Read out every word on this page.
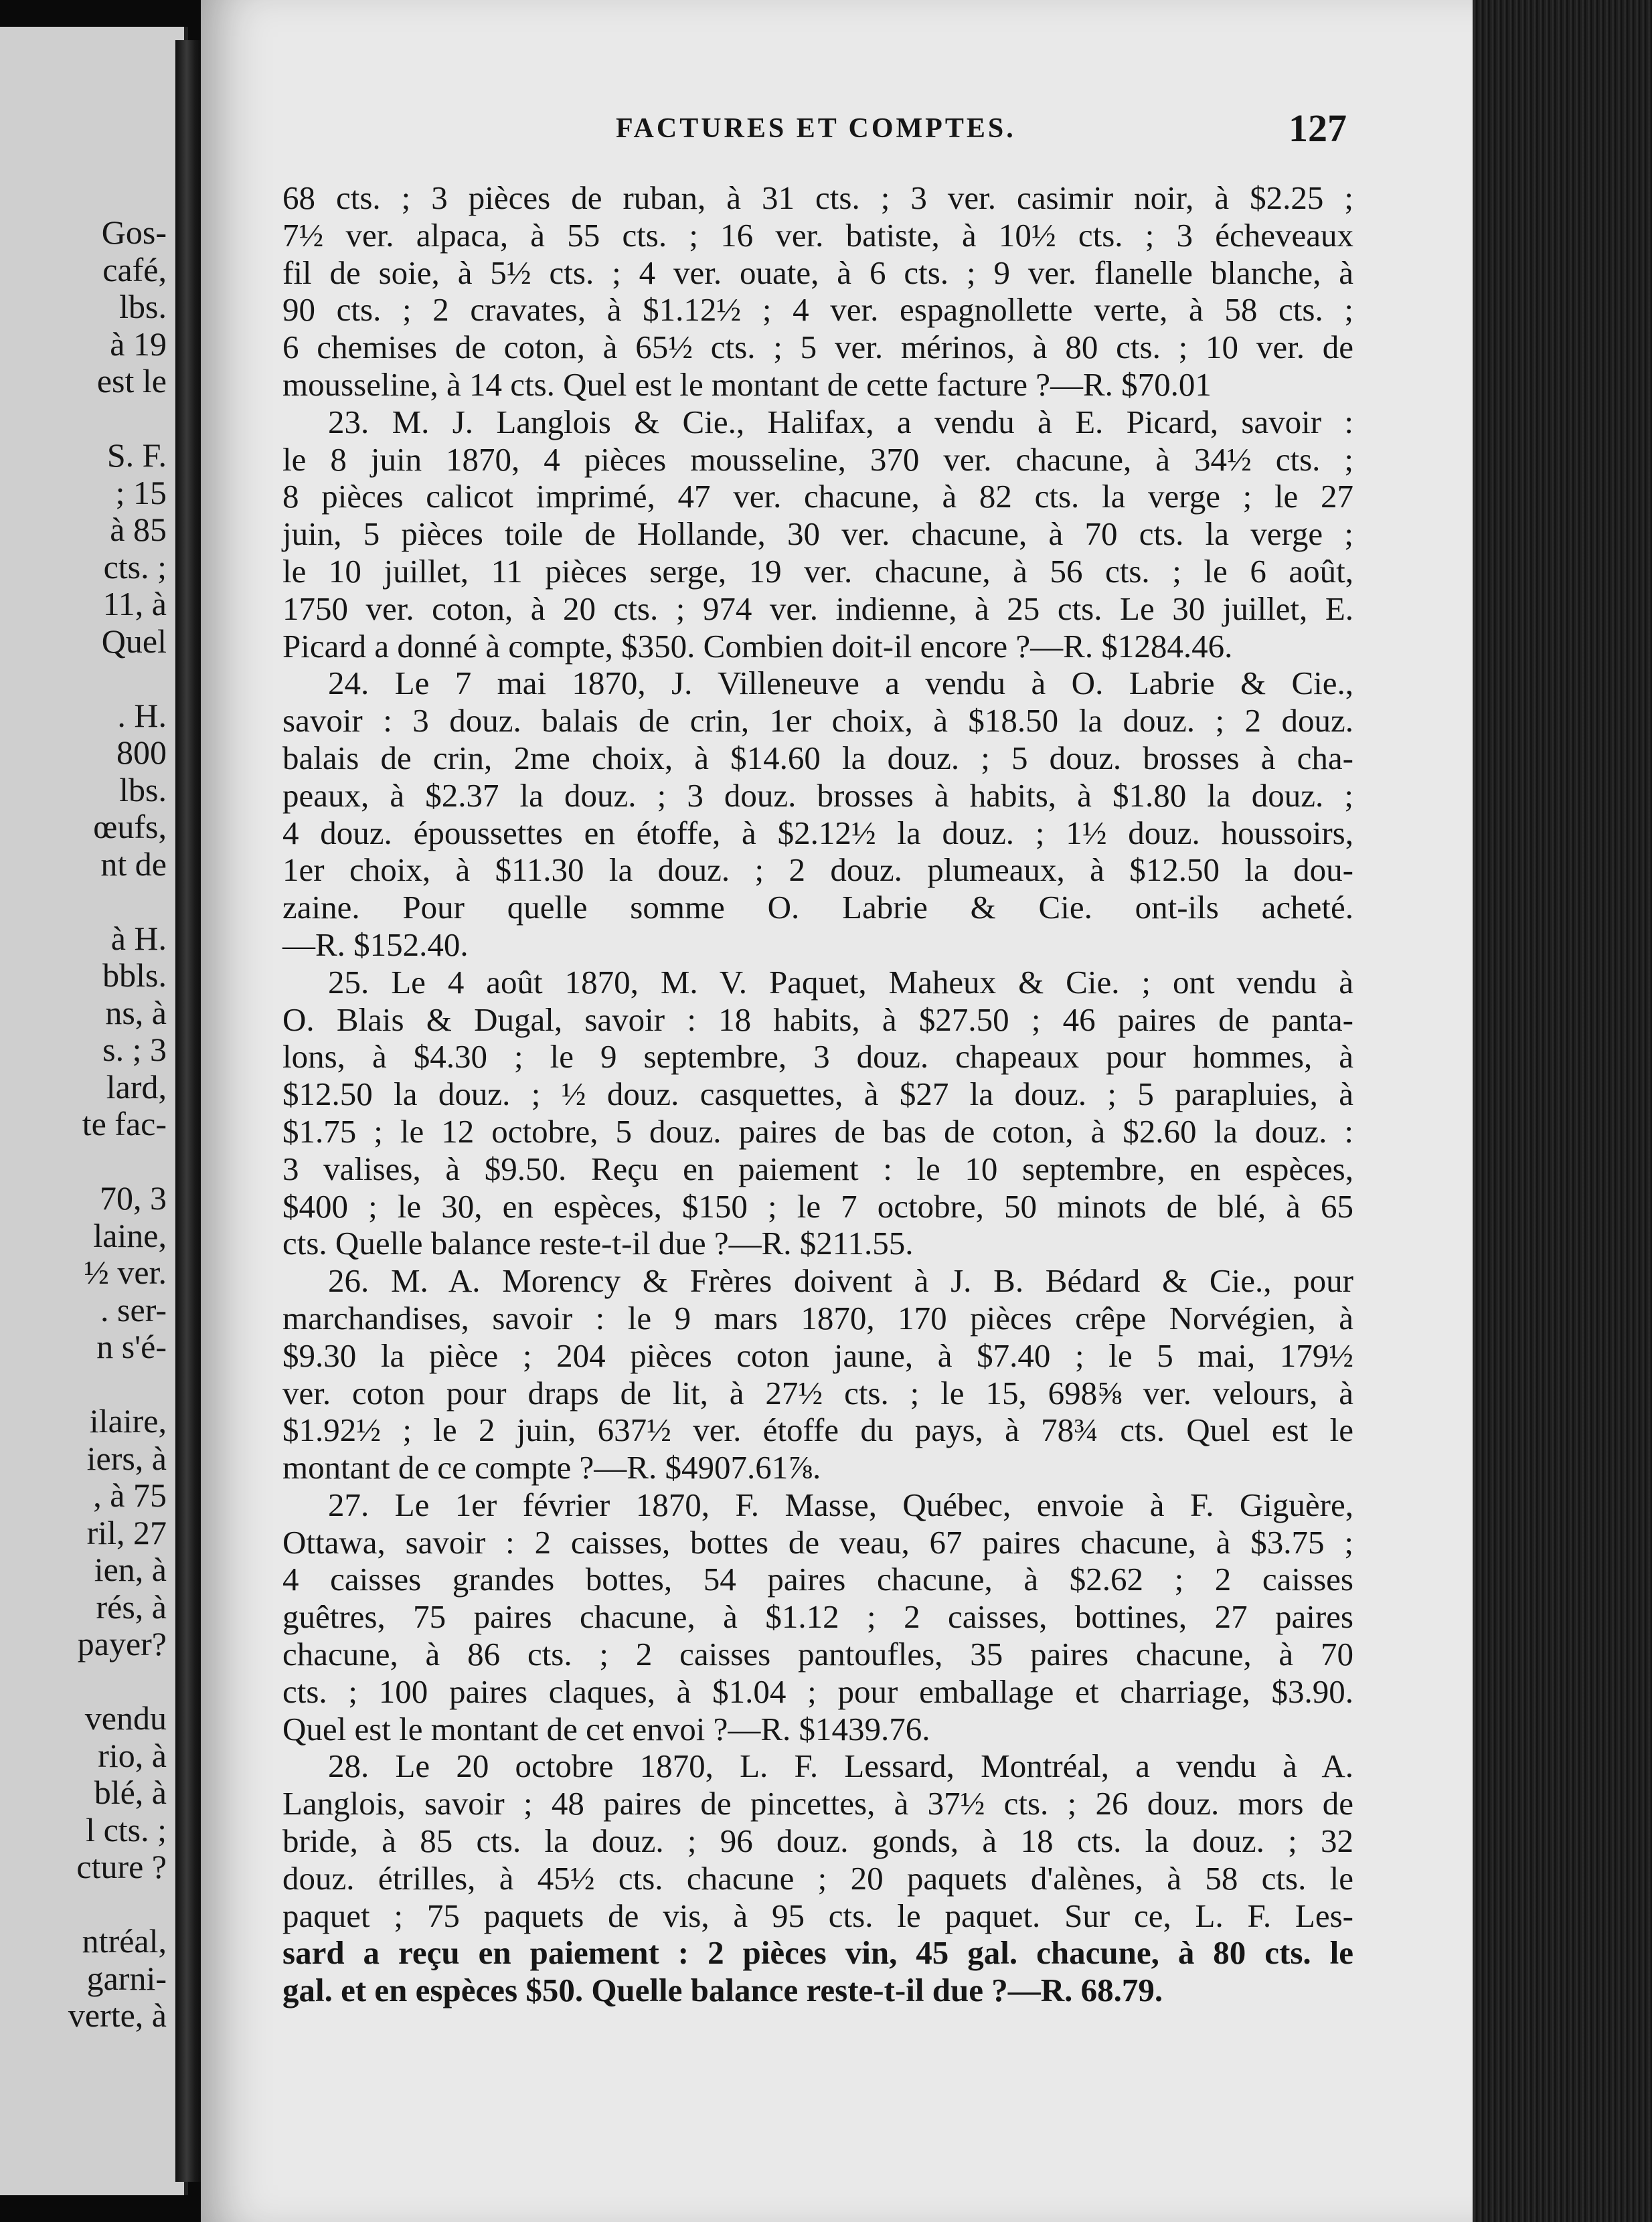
Gos-
café,
lbs.
à 19
est le

S. F.
; 15
à 85
cts. ;
11, à
Quel

. H.
800
lbs.
œufs,
nt de

à H.
bbls.
ns, à
s. ; 3
lard,
te fac-

70, 3
laine,
½ ver.
. ser-
n s'é-

ilaire,
iers, à
, à 75
ril, 27
ien, à
rés, à
payer?

vendu
rio, à
blé, à
l cts. ;
cture ?

ntréal,
garni-
verte, à
FACTURES ET COMPTES.	127
68 cts. ; 3 pièces de ruban, à 31 cts. ; 3 ver. casimir noir, à $2.25 ;
7½ ver. alpaca, à 55 cts. ; 16 ver. batiste, à 10½ cts. ; 3 écheveaux
fil de soie, à 5½ cts. ; 4 ver. ouate, à 6 cts. ; 9 ver. flanelle blanche, à
90 cts. ; 2 cravates, à $1.12½ ; 4 ver. espagnollette verte, à 58 cts. ;
6 chemises de coton, à 65½ cts. ; 5 ver. mérinos, à 80 cts. ; 10 ver. de
mousseline, à 14 cts. Quel est le montant de cette facture ?—R. $70.01
23. M. J. Langlois & Cie., Halifax, a vendu à E. Picard, savoir :
le 8 juin 1870, 4 pièces mousseline, 370 ver. chacune, à 34½ cts. ;
8 pièces calicot imprimé, 47 ver. chacune, à 82 cts. la verge ; le 27
juin, 5 pièces toile de Hollande, 30 ver. chacune, à 70 cts. la verge ;
le 10 juillet, 11 pièces serge, 19 ver. chacune, à 56 cts. ; le 6 août,
1750 ver. coton, à 20 cts. ; 974 ver. indienne, à 25 cts. Le 30 juillet, E.
Picard a donné à compte, $350. Combien doit-il encore ?—R. $1284.46.
24. Le 7 mai 1870, J. Villeneuve a vendu à O. Labrie & Cie.,
savoir : 3 douz. balais de crin, 1er choix, à $18.50 la douz. ; 2 douz.
balais de crin, 2me choix, à $14.60 la douz. ; 5 douz. brosses à cha-
peaux, à $2.37 la douz. ; 3 douz. brosses à habits, à $1.80 la douz. ;
4 douz. époussettes en étoffe, à $2.12½ la douz. ; 1½ douz. houssoirs,
1er choix, à $11.30 la douz. ; 2 douz. plumeaux, à $12.50 la dou-
zaine. Pour quelle somme O. Labrie & Cie. ont-ils acheté.
—R. $152.40.
25. Le 4 août 1870, M. V. Paquet, Maheux & Cie. ; ont vendu à
O. Blais & Dugal, savoir : 18 habits, à $27.50 ; 46 paires de panta-
lons, à $4.30 ; le 9 septembre, 3 douz. chapeaux pour hommes, à
$12.50 la douz. ; ½ douz. casquettes, à $27 la douz. ; 5 parapluies, à
$1.75 ; le 12 octobre, 5 douz. paires de bas de coton, à $2.60 la douz. :
3 valises, à $9.50. Reçu en paiement : le 10 septembre, en espèces,
$400 ; le 30, en espèces, $150 ; le 7 octobre, 50 minots de blé, à 65
cts. Quelle balance reste-t-il due ?—R. $211.55.
26. M. A. Morency & Frères doivent à J. B. Bédard & Cie., pour
marchandises, savoir : le 9 mars 1870, 170 pièces crêpe Norvégien, à
$9.30 la pièce ; 204 pièces coton jaune, à $7.40 ; le 5 mai, 179½
ver. coton pour draps de lit, à 27½ cts. ; le 15, 698⅝ ver. velours, à
$1.92½ ; le 2 juin, 637½ ver. étoffe du pays, à 78¾ cts. Quel est le
montant de ce compte ?—R. $4907.61⅞.
27. Le 1er février 1870, F. Masse, Québec, envoie à F. Giguère,
Ottawa, savoir : 2 caisses, bottes de veau, 67 paires chacune, à $3.75 ;
4 caisses grandes bottes, 54 paires chacune, à $2.62 ; 2 caisses
guêtres, 75 paires chacune, à $1.12 ; 2 caisses, bottines, 27 paires
chacune, à 86 cts. ; 2 caisses pantoufles, 35 paires chacune, à 70
cts. ; 100 paires claques, à $1.04 ; pour emballage et charriage, $3.90.
Quel est le montant de cet envoi ?—R. $1439.76.
28. Le 20 octobre 1870, L. F. Lessard, Montréal, a vendu à A.
Langlois, savoir ; 48 paires de pincettes, à 37½ cts. ; 26 douz. mors de
bride, à 85 cts. la douz. ; 96 douz. gonds, à 18 cts. la douz. ; 32
douz. étrilles, à 45½ cts. chacune ; 20 paquets d'alènes, à 58 cts. le
paquet ; 75 paquets de vis, à 95 cts. le paquet. Sur ce, L. F. Les-
sard a reçu en paiement : 2 pièces vin, 45 gal. chacune, à 80 cts. le
gal. et en espèces $50. Quelle balance reste-t-il due ?—R. 68.79.
